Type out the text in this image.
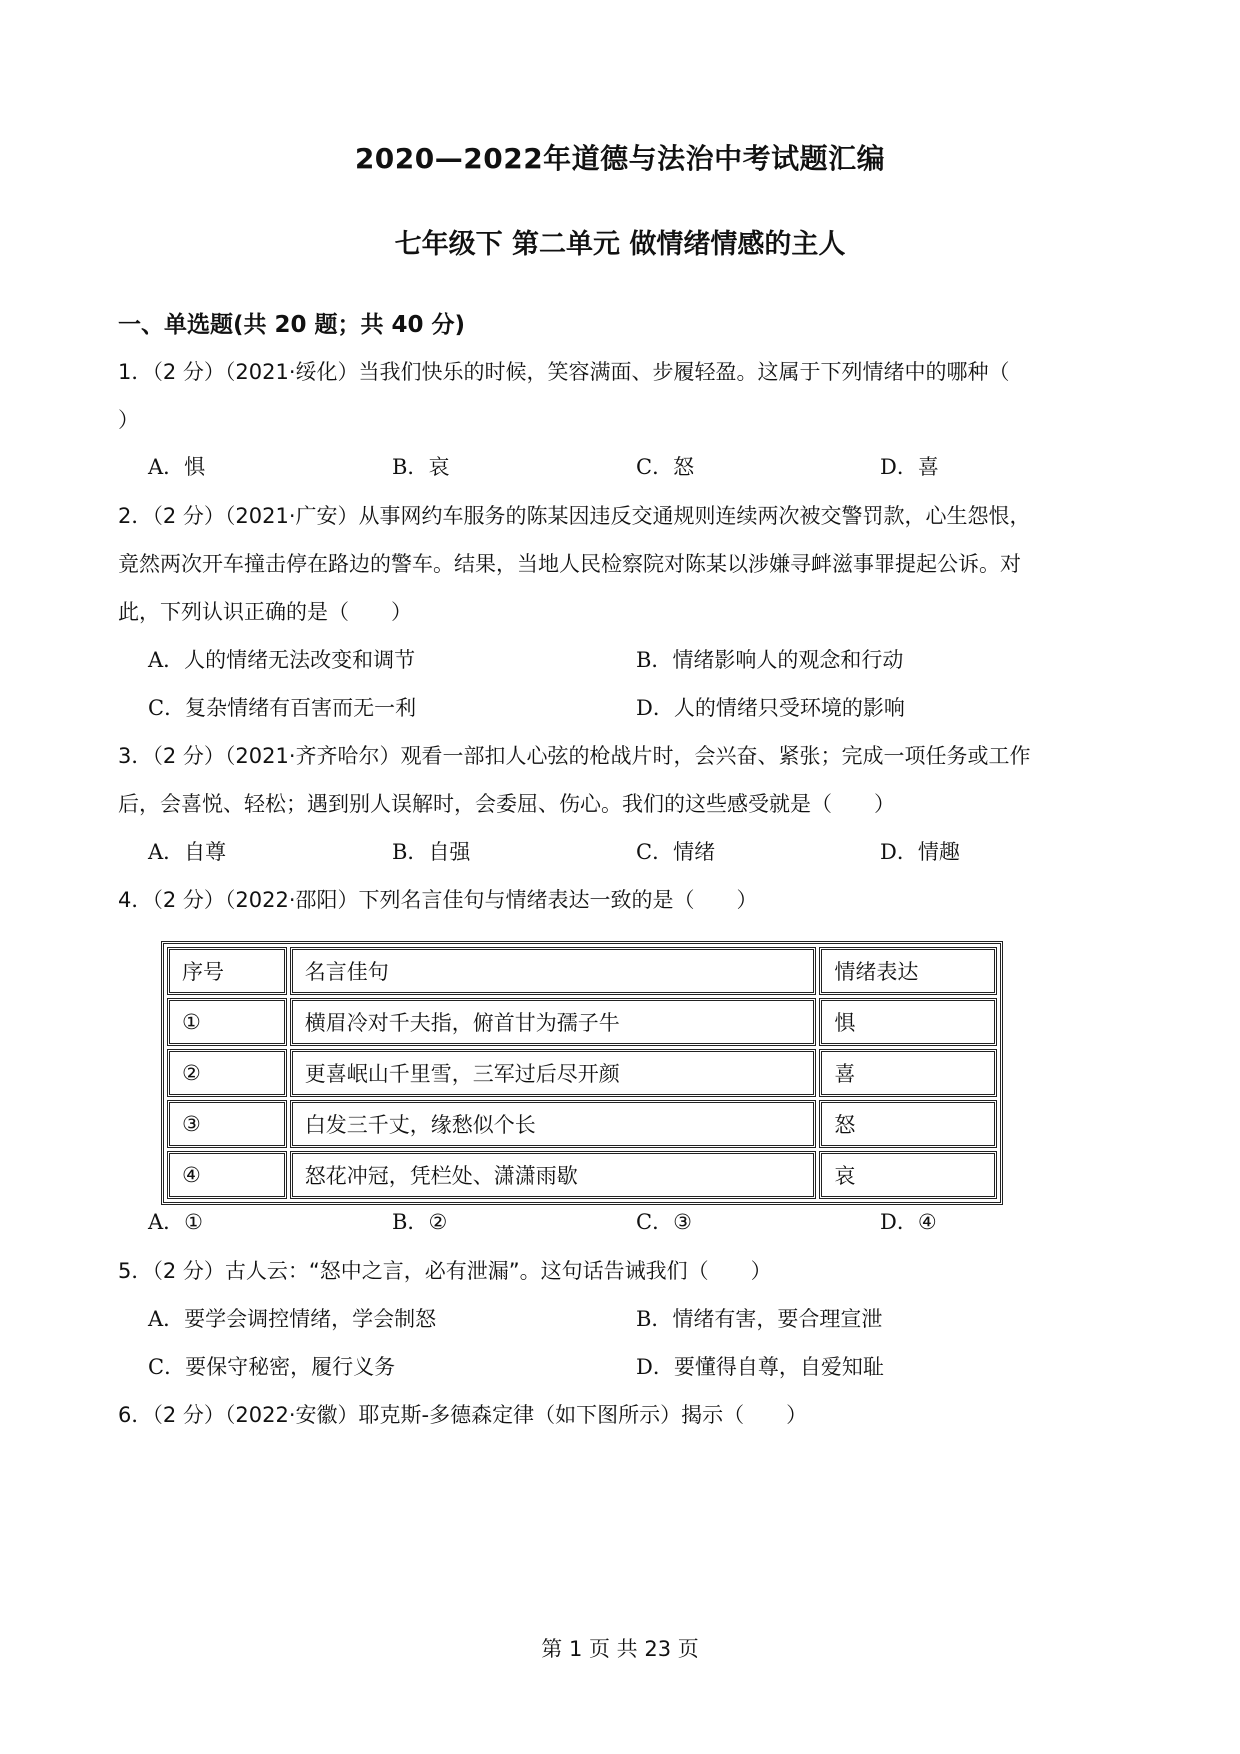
2020—2022年道德与法治中考试题汇编
七年级下 第二单元 做情绪情感的主人
一、单选题(共 20 题；共 40 分)
1．（2 分）（2021·绥化）当我们快乐的时候，笑容满面、步履轻盈。这属于下列情绪中的哪种（
）
A．惧	B．哀	C．怒	D．喜
2．（2 分）（2021·广安）从事网约车服务的陈某因违反交通规则连续两次被交警罚款，心生怨恨，
竟然两次开车撞击停在路边的警车。结果，当地人民检察院对陈某以涉嫌寻衅滋事罪提起公诉。对
此，下列认识正确的是（　　）
A．人的情绪无法改变和调节	B．情绪影响人的观念和行动
C．复杂情绪有百害而无一利	D．人的情绪只受环境的影响
3．（2 分）（2021·齐齐哈尔）观看一部扣人心弦的枪战片时，会兴奋、紧张；完成一项任务或工作
后，会喜悦、轻松；遇到别人误解时，会委屈、伤心。我们的这些感受就是（　　）
A．自尊	B．自强	C．情绪	D．情趣
4．（2 分）（2022·邵阳）下列名言佳句与情绪表达一致的是（　　）
序号	名言佳句	情绪表达
①	横眉冷对千夫指，俯首甘为孺子牛	惧
②	更喜岷山千里雪，三军过后尽开颜	喜
③	白发三千丈，缘愁似个长	怒
④	怒花冲冠，凭栏处、潇潇雨歇	哀
A．①	B．②	C．③	D．④
5．（2 分）古人云：“怒中之言，必有泄漏”。这句话告诫我们（　　）
A．要学会调控情绪，学会制怒	B．情绪有害，要合理宣泄
C．要保守秘密，履行义务	D．要懂得自尊，自爱知耻
6．（2 分）（2022·安徽）耶克斯-多德森定律（如下图所示）揭示（　　）
第 1 页 共 23 页
